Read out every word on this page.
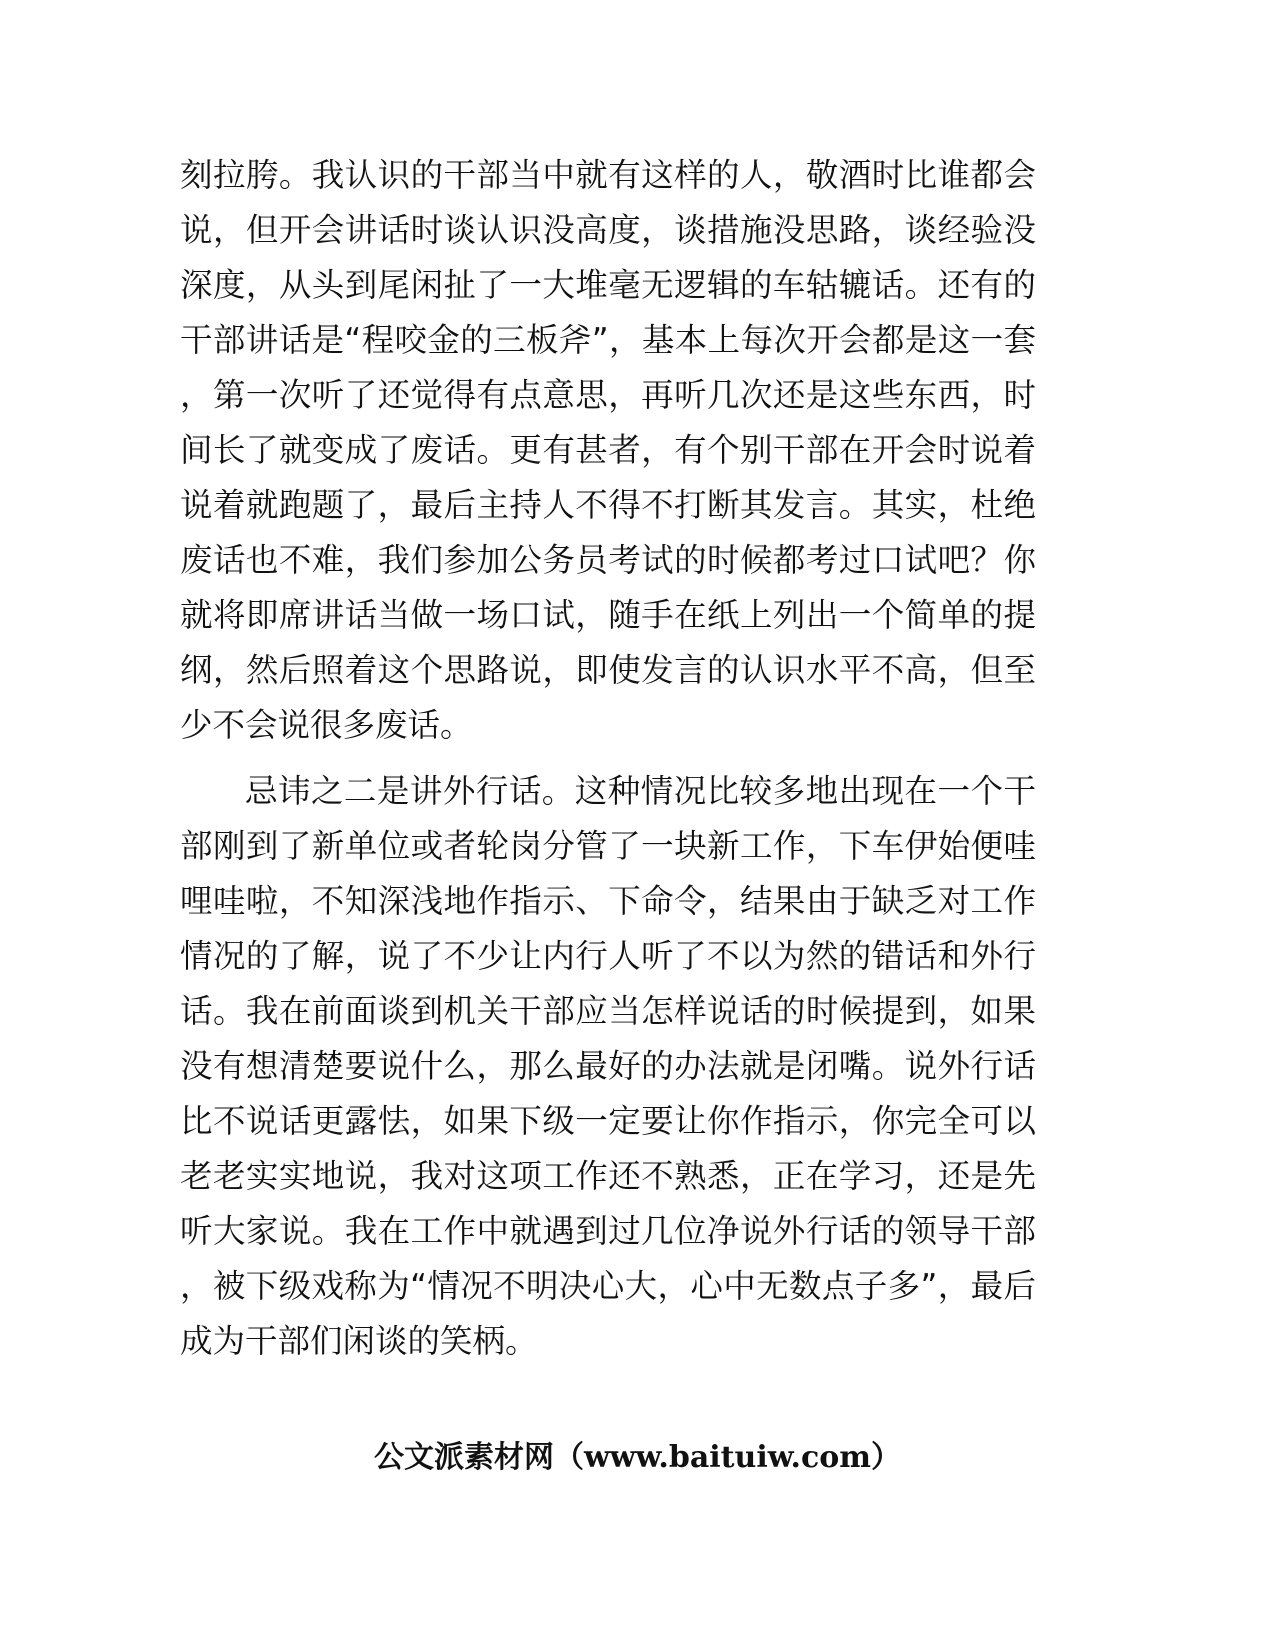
刻拉胯。我认识的干部当中就有这样的人，敬酒时比谁都会说，但开会讲话时谈认识没高度，谈措施没思路，谈经验没深度，从头到尾闲扯了一大堆毫无逻辑的车轱辘话。还有的干部讲话是“程咬金的三板斧”，基本上每次开会都是这一套，第一次听了还觉得有点意思，再听几次还是这些东西，时间长了就变成了废话。更有甚者，有个别干部在开会时说着说着就跑题了，最后主持人不得不打断其发言。其实，杜绝废话也不难，我们参加公务员考试的时候都考过口试吧？你就将即席讲话当做一场口试，随手在纸上列出一个简单的提纲，然后照着这个思路说，即使发言的认识水平不高，但至少不会说很多废话。

忌讳之二是讲外行话。这种情况比较多地出现在一个干部刚到了新单位或者轮岗分管了一块新工作，下车伊始便哇哩哇啦，不知深浅地作指示、下命令，结果由于缺乏对工作情况的了解，说了不少让内行人听了不以为然的错话和外行话。我在前面谈到机关干部应当怎样说话的时候提到，如果没有想清楚要说什么，那么最好的办法就是闭嘴。说外行话比不说话更露怯，如果下级一定要让你作指示，你完全可以老老实实地说，我对这项工作还不熟悉，正在学习，还是先听大家说。我在工作中就遇到过几位净说外行话的领导干部，被下级戏称为“情况不明决心大，心中无数点子多”，最后成为干部们闲谈的笑柄。

公文派素材网（www.baituiw.com）
